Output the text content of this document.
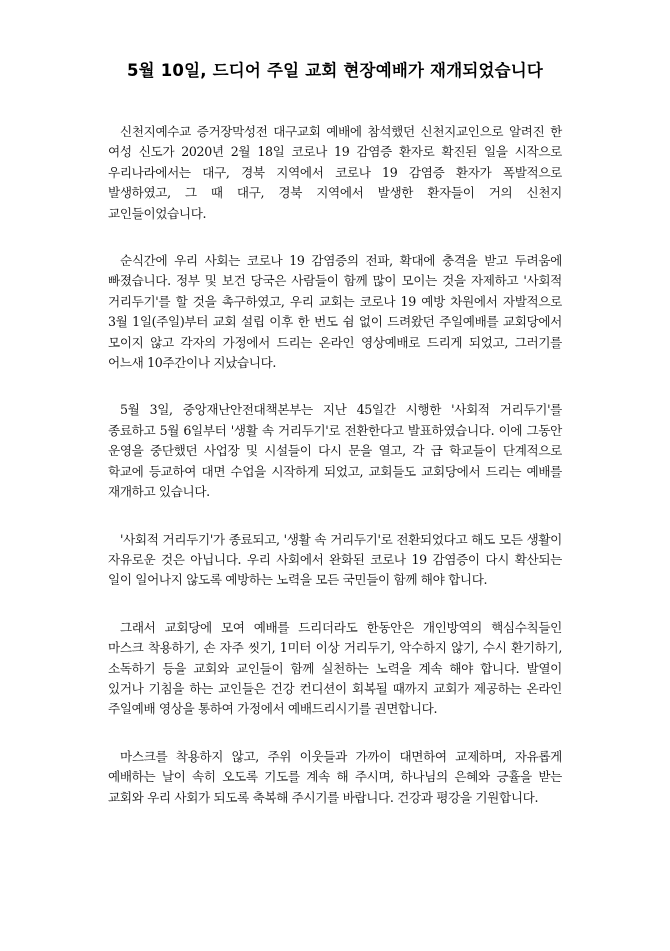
5월 10일, 드디어 주일 교회 현장예배가 재개되었습니다

신천지예수교 증거장막성전 대구교회 예배에 참석했던 신천지교인으로 알려진 한 여성 신도가 2020년 2월 18일 코로나 19 감염증 환자로 확진된 일을 시작으로 우리나라에서는 대구, 경북 지역에서 코로나 19 감염증 환자가 폭발적으로 발생하였고, 그 때 대구, 경북 지역에서 발생한 환자들이 거의 신천지 교인들이었습니다.

순식간에 우리 사회는 코로나 19 감염증의 전파, 확대에 충격을 받고 두려움에 빠졌습니다. 정부 및 보건 당국은 사람들이 함께 많이 모이는 것을 자제하고 '사회적 거리두기'를 할 것을 촉구하였고, 우리 교회는 코로나 19 예방 차원에서 자발적으로 3월 1일(주일)부터 교회 설립 이후 한 번도 쉼 없이 드려왔던 주일예배를 교회당에서 모이지 않고 각자의 가정에서 드리는 온라인 영상예배로 드리게 되었고, 그러기를 어느새 10주간이나 지났습니다.

5월 3일, 중앙재난안전대책본부는 지난 45일간 시행한 '사회적 거리두기'를 종료하고 5월 6일부터 '생활 속 거리두기'로 전환한다고 발표하였습니다. 이에 그동안 운영을 중단했던 사업장 및 시설들이 다시 문을 열고, 각 급 학교들이 단계적으로 학교에 등교하여 대면 수업을 시작하게 되었고, 교회들도 교회당에서 드리는 예배를 재개하고 있습니다.

'사회적 거리두기'가 종료되고, '생활 속 거리두기'로 전환되었다고 해도 모든 생활이 자유로운 것은 아닙니다. 우리 사회에서 완화된 코로나 19 감염증이 다시 확산되는 일이 일어나지 않도록 예방하는 노력을 모든 국민들이 함께 해야 합니다.

그래서 교회당에 모여 예배를 드리더라도 한동안은 개인방역의 핵심수칙들인 마스크 착용하기, 손 자주 씻기, 1미터 이상 거리두기, 악수하지 않기, 수시 환기하기, 소독하기 등을 교회와 교인들이 함께 실천하는 노력을 계속 해야 합니다. 발열이 있거나 기침을 하는 교인들은 건강 컨디션이 회복될 때까지 교회가 제공하는 온라인 주일예배 영상을 통하여 가정에서 예배드리시기를 권면합니다.

마스크를 착용하지 않고, 주위 이웃들과 가까이 대면하여 교제하며, 자유롭게 예배하는 날이 속히 오도록 기도를 계속 해 주시며, 하나님의 은혜와 긍휼을 받는 교회와 우리 사회가 되도록 축복해 주시기를 바랍니다. 건강과 평강을 기원합니다.
